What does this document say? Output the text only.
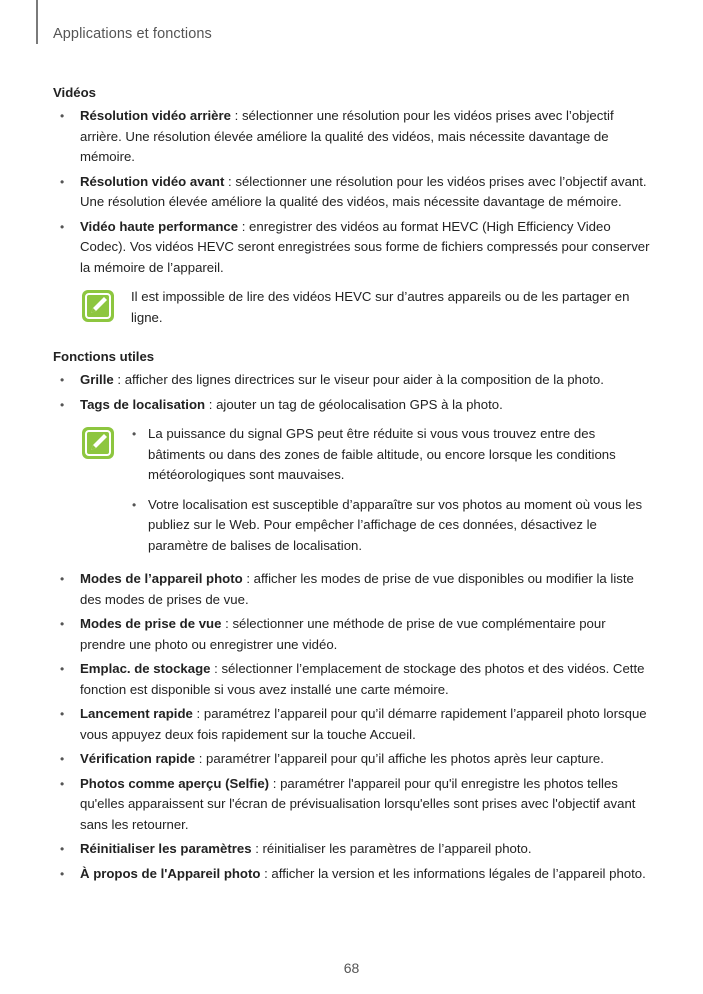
Applications et fonctions
Vidéos
• Résolution vidéo arrière : sélectionner une résolution pour les vidéos prises avec l’objectif arrière. Une résolution élevée améliore la qualité des vidéos, mais nécessite davantage de mémoire.
• Résolution vidéo avant : sélectionner une résolution pour les vidéos prises avec l’objectif avant. Une résolution élevée améliore la qualité des vidéos, mais nécessite davantage de mémoire.
• Vidéo haute performance : enregistrer des vidéos au format HEVC (High Efficiency Video Codec). Vos vidéos HEVC seront enregistrées sous forme de fichiers compressés pour conserver la mémoire de l’appareil.
Il est impossible de lire des vidéos HEVC sur d’autres appareils ou de les partager en ligne.
Fonctions utiles
• Grille : afficher des lignes directrices sur le viseur pour aider à la composition de la photo.
• Tags de localisation : ajouter un tag de géolocalisation GPS à la photo.
• La puissance du signal GPS peut être réduite si vous vous trouvez entre des bâtiments ou dans des zones de faible altitude, ou encore lorsque les conditions météorologiques sont mauvaises.
• Votre localisation est susceptible d’apparaître sur vos photos au moment où vous les publiez sur le Web. Pour empêcher l’affichage de ces données, désactivez le paramètre de balises de localisation.
• Modes de l’appareil photo : afficher les modes de prise de vue disponibles ou modifier la liste des modes de prises de vue.
• Modes de prise de vue : sélectionner une méthode de prise de vue complémentaire pour prendre une photo ou enregistrer une vidéo.
• Emplac. de stockage : sélectionner l’emplacement de stockage des photos et des vidéos. Cette fonction est disponible si vous avez installé une carte mémoire.
• Lancement rapide : paramétrez l’appareil pour qu’il démarre rapidement l’appareil photo lorsque vous appuyez deux fois rapidement sur la touche Accueil.
• Vérification rapide : paramétrer l’appareil pour qu’il affiche les photos après leur capture.
• Photos comme aperçu (Selfie) : paramétrer l'appareil pour qu'il enregistre les photos telles qu'elles apparaissent sur l'écran de prévisualisation lorsqu'elles sont prises avec l'objectif avant sans les retourner.
• Réinitialiser les paramètres : réinitialiser les paramètres de l’appareil photo.
• À propos de l'Appareil photo : afficher la version et les informations légales de l’appareil photo.
68
